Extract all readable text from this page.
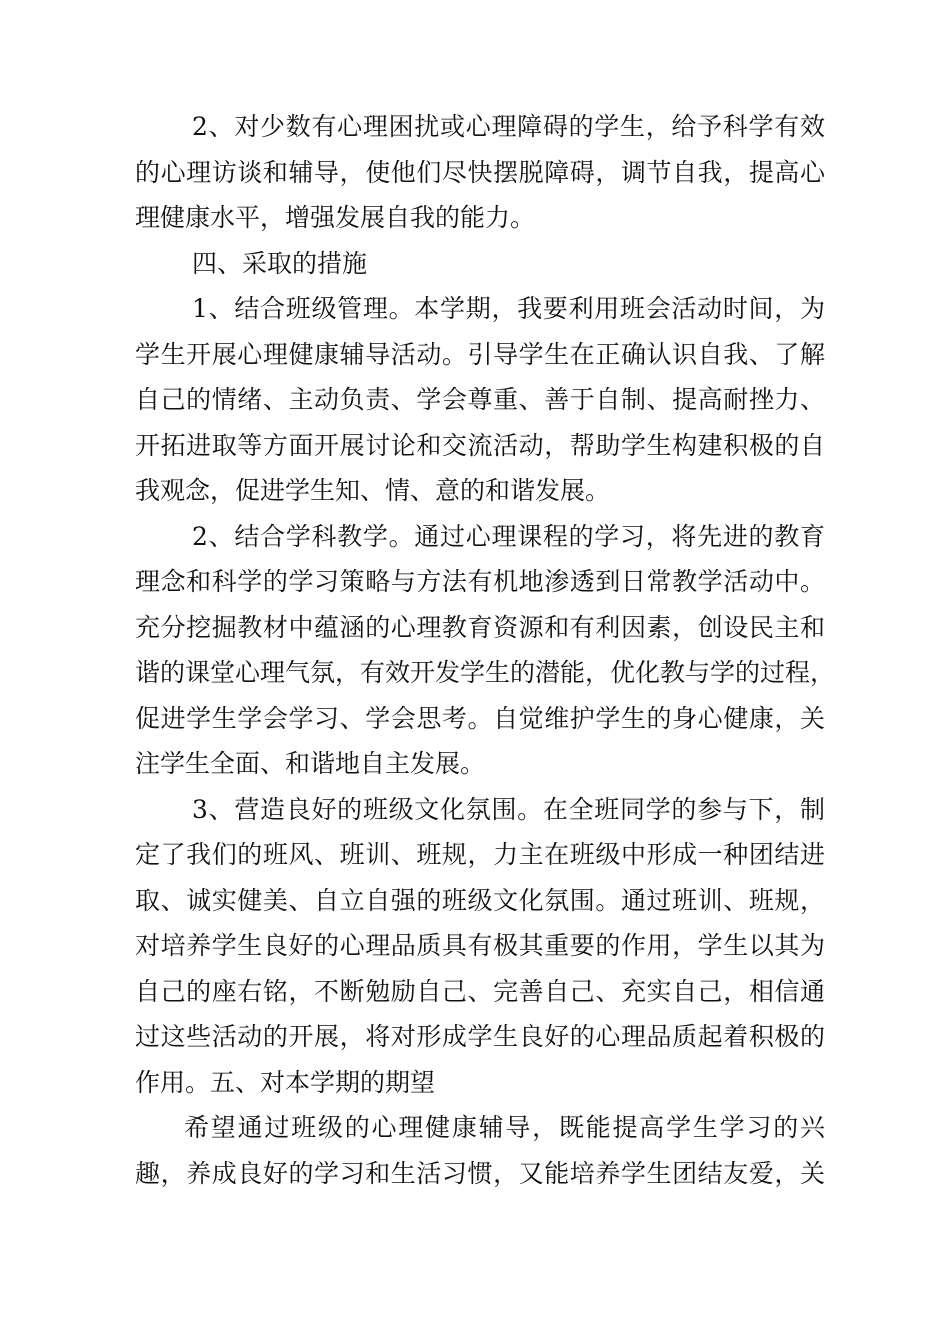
2、对少数有心理困扰或心理障碍的学生，给予科学有效
的心理访谈和辅导，使他们尽快摆脱障碍，调节自我，提高心
理健康水平，增强发展自我的能力。
四、采取的措施
1、结合班级管理。本学期，我要利用班会活动时间，为
学生开展心理健康辅导活动。引导学生在正确认识自我、了解
自己的情绪、主动负责、学会尊重、善于自制、提高耐挫力、
开拓进取等方面开展讨论和交流活动，帮助学生构建积极的自
我观念，促进学生知、情、意的和谐发展。
2、结合学科教学。通过心理课程的学习，将先进的教育
理念和科学的学习策略与方法有机地渗透到日常教学活动中。
充分挖掘教材中蕴涵的心理教育资源和有利因素，创设民主和
谐的课堂心理气氛，有效开发学生的潜能，优化教与学的过程，
促进学生学会学习、学会思考。自觉维护学生的身心健康，关
注学生全面、和谐地自主发展。
3、营造良好的班级文化氛围。在全班同学的参与下，制
定了我们的班风、班训、班规，力主在班级中形成一种团结进
取、诚实健美、自立自强的班级文化氛围。通过班训、班规，
对培养学生良好的心理品质具有极其重要的作用，学生以其为
自己的座右铭，不断勉励自己、完善自己、充实自己，相信通
过这些活动的开展，将对形成学生良好的心理品质起着积极的
作用。五、对本学期的期望
希望通过班级的心理健康辅导，既能提高学生学习的兴
趣，养成良好的学习和生活习惯，又能培养学生团结友爱，关
